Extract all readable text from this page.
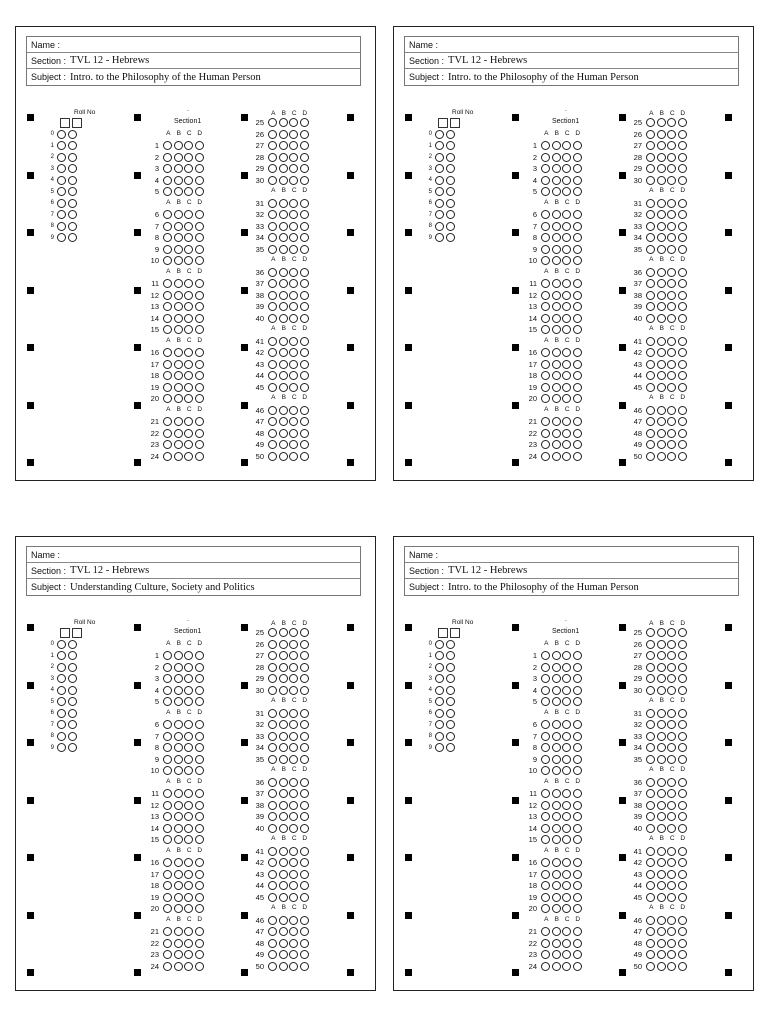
Name :
Section : TVL 12 - Hebrews
Subject : Intro. to the Philosophy of the Human Person
Roll No
0
1
2
3
4
5
6
7
8
9
.
Section1
A B C D
1
2
3
4
5
A B C D
6
7
8
9
10
A B C D
11
12
13
14
15
A B C D
16
17
18
19
20
A B C D
21
22
23
24
A B C D
25
26
27
28
29
30
A B C D
31
32
33
34
35
A B C D
36
37
38
39
40
A B C D
41
42
43
44
45
A B C D
46
47
48
49
50
Name :
Section : TVL 12 - Hebrews
Subject : Intro. to the Philosophy of the Human Person
Roll No
0
1
2
3
4
5
6
7
8
9
.
Section1
A B C D
1
2
3
4
5
A B C D
6
7
8
9
10
A B C D
11
12
13
14
15
A B C D
16
17
18
19
20
A B C D
21
22
23
24
A B C D
25
26
27
28
29
30
A B C D
31
32
33
34
35
A B C D
36
37
38
39
40
A B C D
41
42
43
44
45
A B C D
46
47
48
49
50
Name :
Section : TVL 12 - Hebrews
Subject : Understanding Culture, Society and Politics
Roll No
0
1
2
3
4
5
6
7
8
9
.
Section1
A B C D
1
2
3
4
5
A B C D
6
7
8
9
10
A B C D
11
12
13
14
15
A B C D
16
17
18
19
20
A B C D
21
22
23
24
A B C D
25
26
27
28
29
30
A B C D
31
32
33
34
35
A B C D
36
37
38
39
40
A B C D
41
42
43
44
45
A B C D
46
47
48
49
50
Name :
Section : TVL 12 - Hebrews
Subject : Intro. to the Philosophy of the Human Person
Roll No
0
1
2
3
4
5
6
7
8
9
.
Section1
A B C D
1
2
3
4
5
A B C D
6
7
8
9
10
A B C D
11
12
13
14
15
A B C D
16
17
18
19
20
A B C D
21
22
23
24
A B C D
25
26
27
28
29
30
A B C D
31
32
33
34
35
A B C D
36
37
38
39
40
A B C D
41
42
43
44
45
A B C D
46
47
48
49
50
